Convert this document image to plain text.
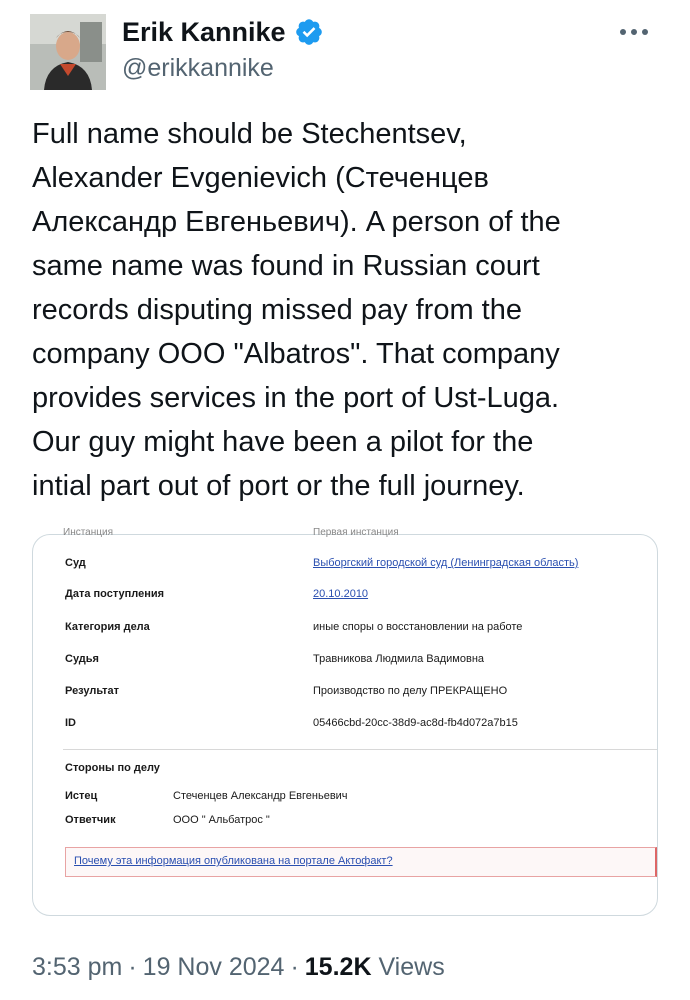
Erik Kannike
@erikkannike
Full name should be Stechentsev,
Alexander Evgenievich (Стеченцев
Александр Евгеньевич). A person of the
same name was found in Russian court
records disputing missed pay from the
company OOO "Albatros". That company
provides services in the port of Ust-Luga.
Our guy might have been a pilot for the
intial part out of port or the full journey.
Инстанция	Первая инстанция
Суд	Выборгский городской суд (Ленинградская область)
Дата поступления	20.10.2010
Категория дела	иные споры о восстановлении на работе
Судья	Травникова Людмила Вадимовна
Результат	Производство по делу ПРЕКРАЩЕНО
ID	05466cbd-20cc-38d9-ac8d-fb4d072a7b15
Стороны по делу
Истец	Стеченцев Александр Евгеньевич
Ответчик	ООО " Альбатрос "
Почему эта информация опубликована на портале Актофакт?
3:53 pm · 19 Nov 2024 · 15.2K Views
